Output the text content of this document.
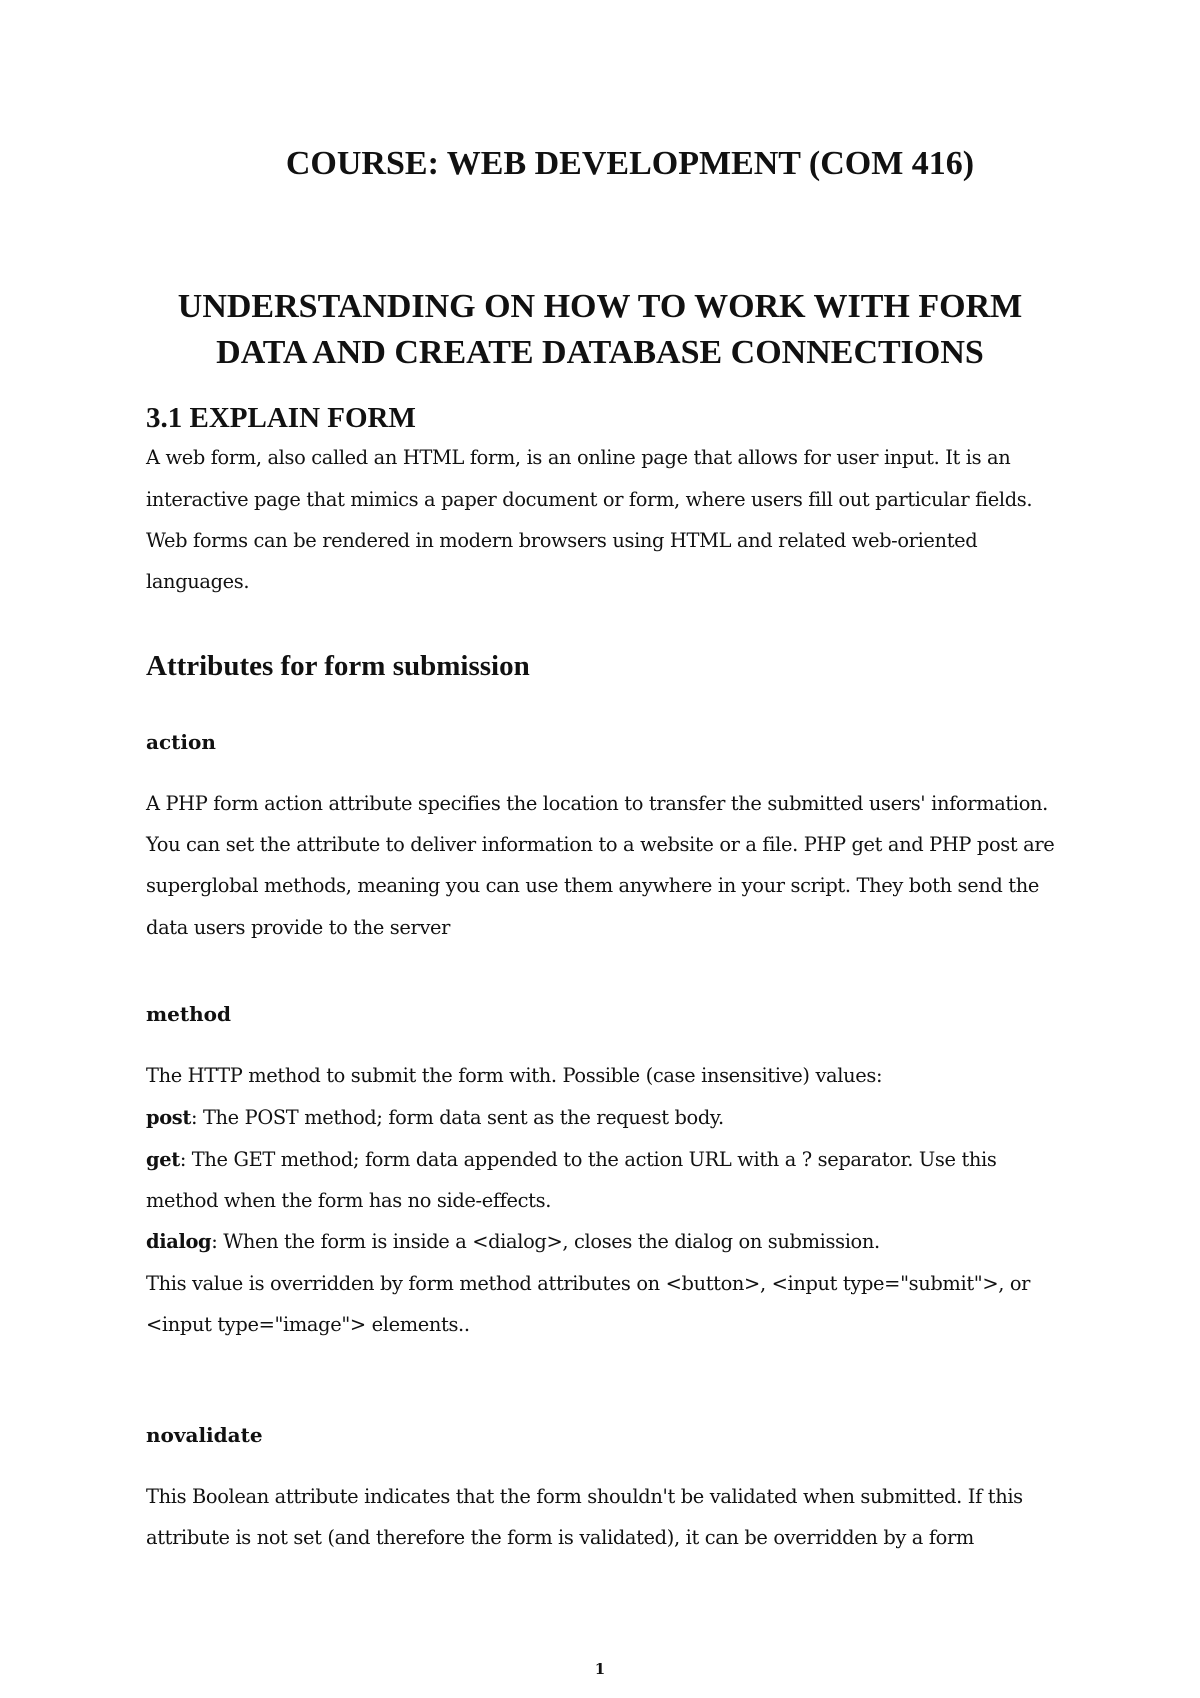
COURSE: WEB DEVELOPMENT (COM 416)
UNDERSTANDING ON HOW TO WORK WITH FORM
DATA AND CREATE DATABASE CONNECTIONS
3.1 EXPLAIN FORM

A web form, also called an HTML form, is an online page that allows for user input. It is an

interactive page that mimics a paper document or form, where users fill out particular fields.

Web forms can be rendered in modern browsers using HTML and related web-oriented

languages.

Attributes for form submission
action

A PHP form action attribute specifies the location to transfer the submitted users' information.

You can set the attribute to deliver information to a website or a file. PHP get and PHP post are

superglobal methods, meaning you can use them anywhere in your script. They both send the

data users provide to the server

method

The HTTP method to submit the form with. Possible (case insensitive) values:

post: The POST method; form data sent as the request body.

get: The GET method; form data appended to the action URL with a ? separator. Use this

method when the form has no side-effects.

dialog: When the form is inside a <dialog>, closes the dialog on submission.

This value is overridden by form method attributes on <button>, <input type="submit">, or

<input type="image"> elements..

novalidate

This Boolean attribute indicates that the form shouldn't be validated when submitted. If this

attribute is not set (and therefore the form is validated), it can be overridden by a form

1
